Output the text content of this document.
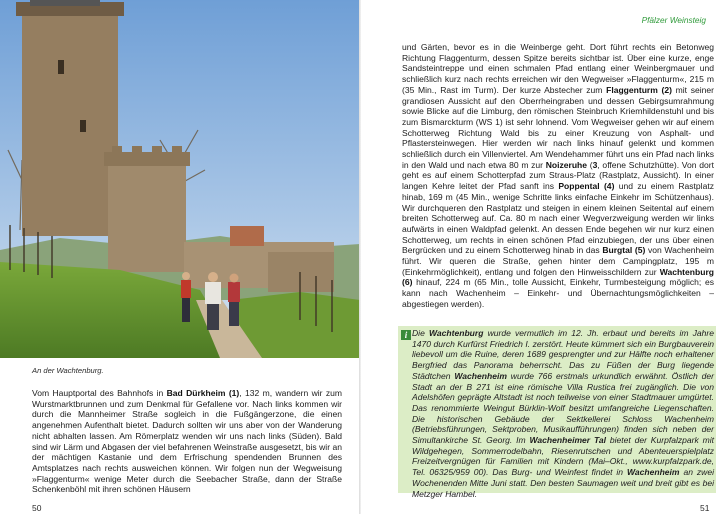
An der Wachtenburg.
Vom Hauptportal des Bahnhofs in Bad Dürkheim (1), 132 m, wandern wir zum Wurstmarktbrunnen und zum Denkmal für Gefallene vor. Nach links kommen wir durch die Mannheimer Straße sogleich in die Fußgängerzone, die einen angenehmen Aufenthalt bietet. Dadurch sollten wir uns aber von der Wanderung nicht abhalten lassen. Am Römerplatz wenden wir uns nach links (Süden). Bald sind wir Lärm und Abgasen der viel befahrenen Weinstraße ausgesetzt, bis wir an der mächtigen Kastanie und dem Erfrischung spendenden Brunnen des Amtsplatzes nach rechts ausweichen können. Wir folgen nun der Wegweisung »Flaggenturm« wenige Meter durch die Seebacher Straße, dann der Straße Schenkenböhl mit ihren schönen Häusern
50
Pfälzer Weinsteig
und Gärten, bevor es in die Weinberge geht. Dort führt rechts ein Betonweg Richtung Flaggenturm, dessen Spitze bereits sichtbar ist. Über eine kurze, enge Sandsteintreppe und einen schmalen Pfad entlang einer Weinbergmauer und schließlich kurz nach rechts erreichen wir den Wegweiser »Flaggenturm«, 215 m (35 Min., Rast im Turm). Der kurze Abstecher zum Flaggenturm (2) mit seiner grandiosen Aussicht auf den Oberrheingraben und dessen Gebirgsumrahmung sowie Blicke auf die Limburg, den römischen Steinbruch Kriemhildenstuhl und bis zum Bismarckturm (WS 1) ist sehr lohnend. Vom Wegweiser gehen wir auf einem Schotterweg Richtung Wald bis zu einer Kreuzung von Asphalt- und Pflastersteinwegen. Hier werden wir nach links hinauf gelenkt und kommen schließlich durch ein Villenviertel. Am Wendehammer führt uns ein Pfad nach links in den Wald und nach etwa 80 m zur Noizeruhe (3, offene Schutzhütte). Von dort geht es auf einem Schotterpfad zum Straus-Platz (Rastplatz, Aussicht). In einer langen Kehre leitet der Pfad sanft ins Poppental (4) und zu einem Rastplatz hinab, 169 m (45 Min., wenige Schritte links einfache Einkehr im Schützenhaus). Wir durchqueren den Rastplatz und steigen in einem kleinen Seitental auf einem breiten Schotterweg auf. Ca. 80 m nach einer Wegverzweigung werden wir links aufwärts in einen Waldpfad gelenkt. An dessen Ende begehen wir nur kurz einen Schotterweg, um rechts in einen schönen Pfad einzubiegen, der uns über einen Bergrücken und zu einem Schotterweg hinab in das Burgtal (5) von Wachenheim führt. Wir queren die Straße, gehen hinter dem Campingplatz, 195 m (Einkehrmöglichkeit), entlang und folgen den Hinweisschildern zur Wachtenburg (6) hinauf, 224 m (65 Min., tolle Aussicht, Einkehr, Turmbesteigung möglich; es kann nach Wachenheim – Einkehr- und Übernachtungsmöglichkeiten – abgestiegen werden).
i Die Wachtenburg wurde vermutlich im 12. Jh. erbaut und bereits im Jahre 1470 durch Kurfürst Friedrich I. zerstört. Heute kümmert sich ein Burgbauverein liebevoll um die Ruine, deren 1689 gesprengter und zur Hälfte noch erhaltener Bergfried das Panorama beherrscht. Das zu Füßen der Burg liegende Städtchen Wachenheim wurde 766 erstmals urkundlich erwähnt. Östlich der Stadt an der B 271 ist eine römische Villa Rustica frei zugänglich. Die von Adelshöfen geprägte Altstadt ist noch teilweise von einer Stadtmauer umgürtet. Das renommierte Weingut Bürklin-Wolf besitzt umfangreiche Liegenschaften. Die historischen Gebäude der Sektkellerei Schloss Wachenheim (Betriebsführungen, Sektproben, Musikaufführungen) finden sich neben der Simultankirche St. Georg. Im Wachenheimer Tal bietet der Kurpfalzpark mit Wildgehegen, Sommerrodelbahn, Riesenrutschen und Abenteuerspielplatz Freizeitvergnügen für Familien mit Kindern (Mai–Okt., www.kurpfalzpark.de, Tel. 06325/959 00). Das Burg- und Weinfest findet in Wachenheim an zwei Wochenenden Mitte Juni statt. Den besten Saumagen weit und breit gibt es bei Metzger Hambel.
51
